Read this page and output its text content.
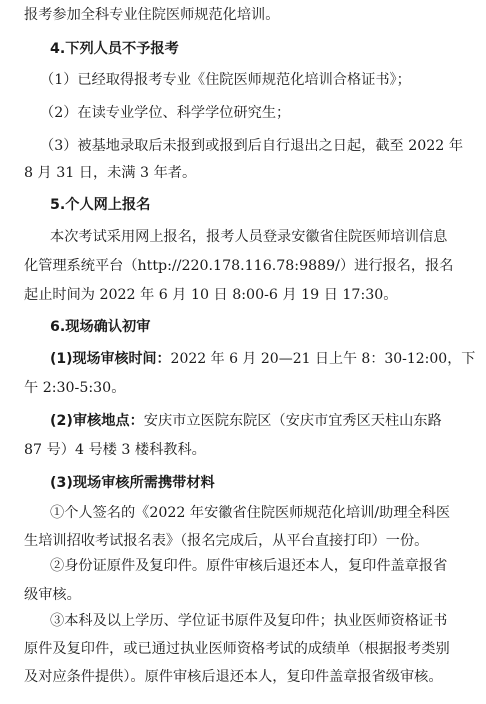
报考参加全科专业住院医师规范化培训。
4.下列人员不予报考
（1）已经取得报考专业《住院医师规范化培训合格证书》；
（2）在读专业学位、科学学位研究生；
（3）被基地录取后未报到或报到后自行退出之日起，截至 2022 年
8 月 31 日，未满 3 年者。
5.个人网上报名
本次考试采用网上报名，报考人员登录安徽省住院医师培训信息
化管理系统平台（http://220.178.116.78:9889/）进行报名，报名
起止时间为 2022 年 6 月 10 日 8:00-6 月 19 日 17:30。
6.现场确认初审
(1)现场审核时间：2022 年 6 月 20—21 日上午 8：30-12:00，下
午 2:30-5:30。
(2)审核地点：安庆市立医院东院区（安庆市宜秀区天柱山东路
87 号）4 号楼 3 楼科教科。
(3)现场审核所需携带材料
①个人签名的《2022 年安徽省住院医师规范化培训/助理全科医
生培训招收考试报名表》（报名完成后，从平台直接打印）一份。
②身份证原件及复印件。原件审核后退还本人，复印件盖章报省
级审核。
③本科及以上学历、学位证书原件及复印件；执业医师资格证书
原件及复印件，或已通过执业医师资格考试的成绩单（根据报考类别
及对应条件提供）。原件审核后退还本人，复印件盖章报省级审核。
